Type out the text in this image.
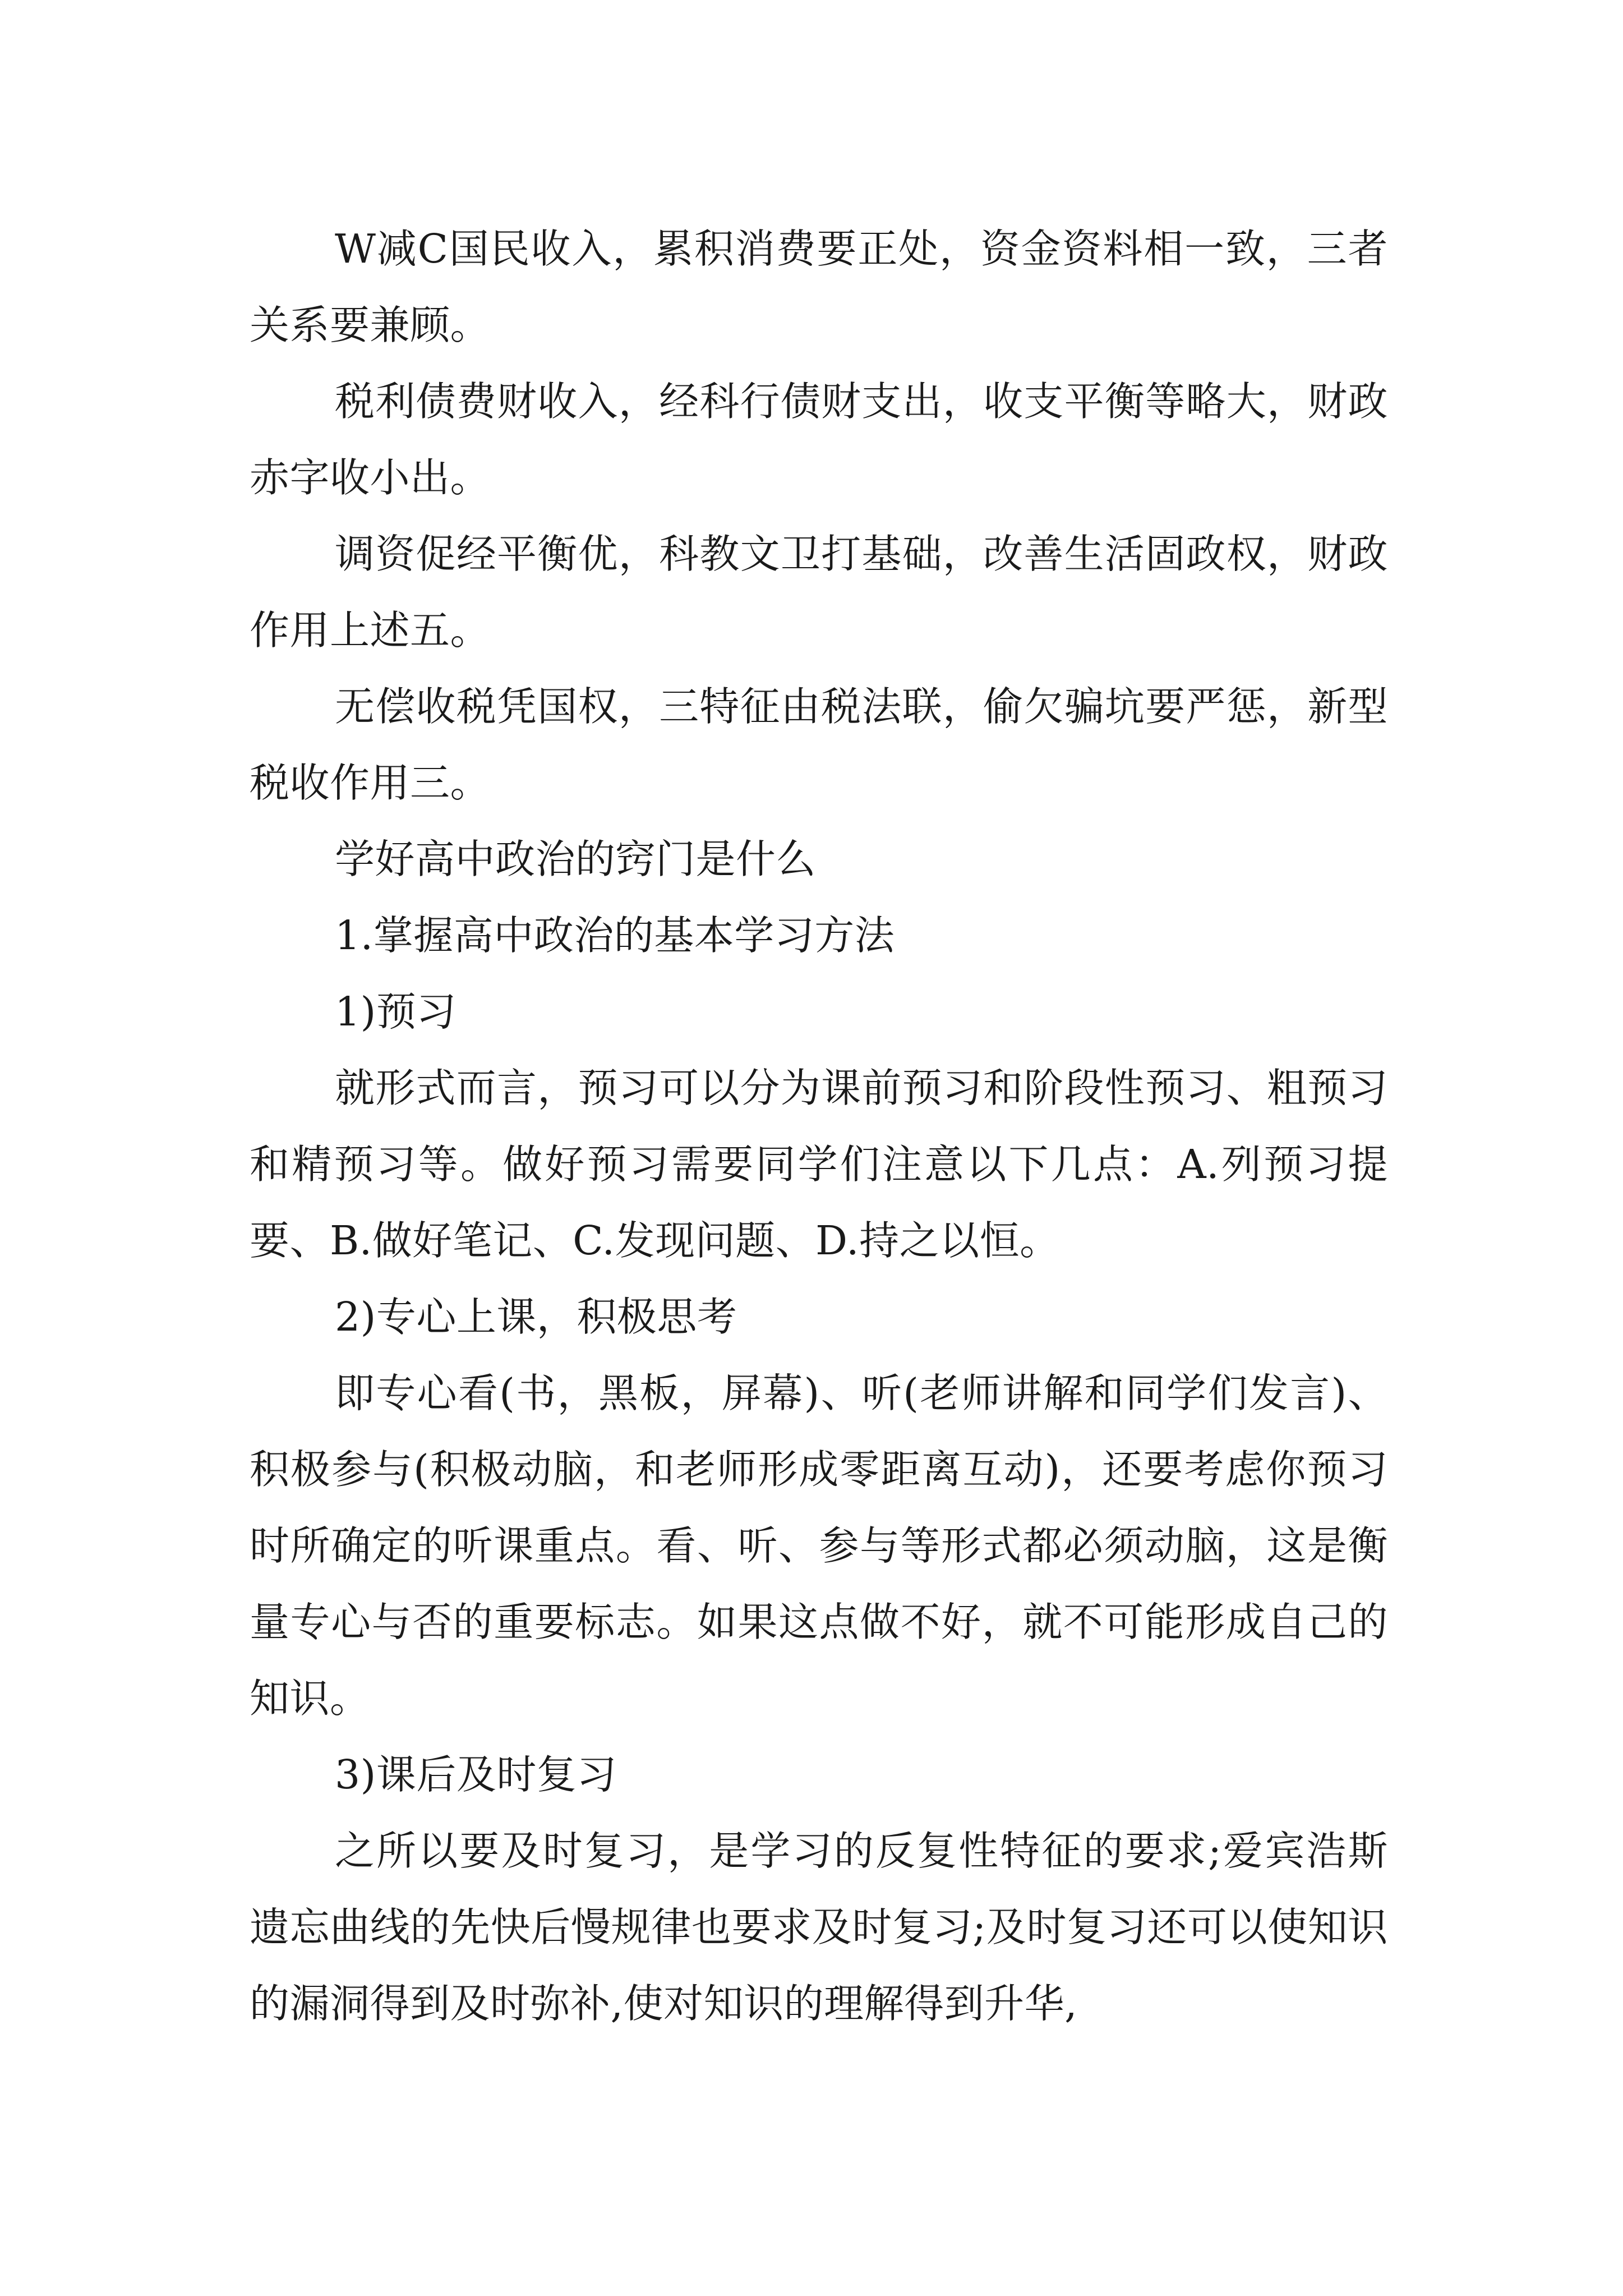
W减C国民收入，累积消费要正处，资金资料相一致，三者关系要兼顾。

税利债费财收入，经科行债财支出，收支平衡等略大，财政赤字收小出。

调资促经平衡优，科教文卫打基础，改善生活固政权，财政作用上述五。

无偿收税凭国权，三特征由税法联，偷欠骗坑要严惩，新型税收作用三。

学好高中政治的窍门是什么

1.掌握高中政治的基本学习方法

1)预习

就形式而言，预习可以分为课前预习和阶段性预习、粗预习和精预习等。做好预习需要同学们注意以下几点：A.列预习提要、B.做好笔记、C.发现问题、D.持之以恒。

2)专心上课，积极思考

即专心看(书，黑板，屏幕)、听(老师讲解和同学们发言)、积极参与(积极动脑，和老师形成零距离互动)，还要考虑你预习时所确定的听课重点。看、听、参与等形式都必须动脑，这是衡量专心与否的重要标志。如果这点做不好，就不可能形成自己的知识。

3)课后及时复习

之所以要及时复习，是学习的反复性特征的要求;爱宾浩斯遗忘曲线的先快后慢规律也要求及时复习;及时复习还可以使知识的漏洞得到及时弥补,使对知识的理解得到升华,
